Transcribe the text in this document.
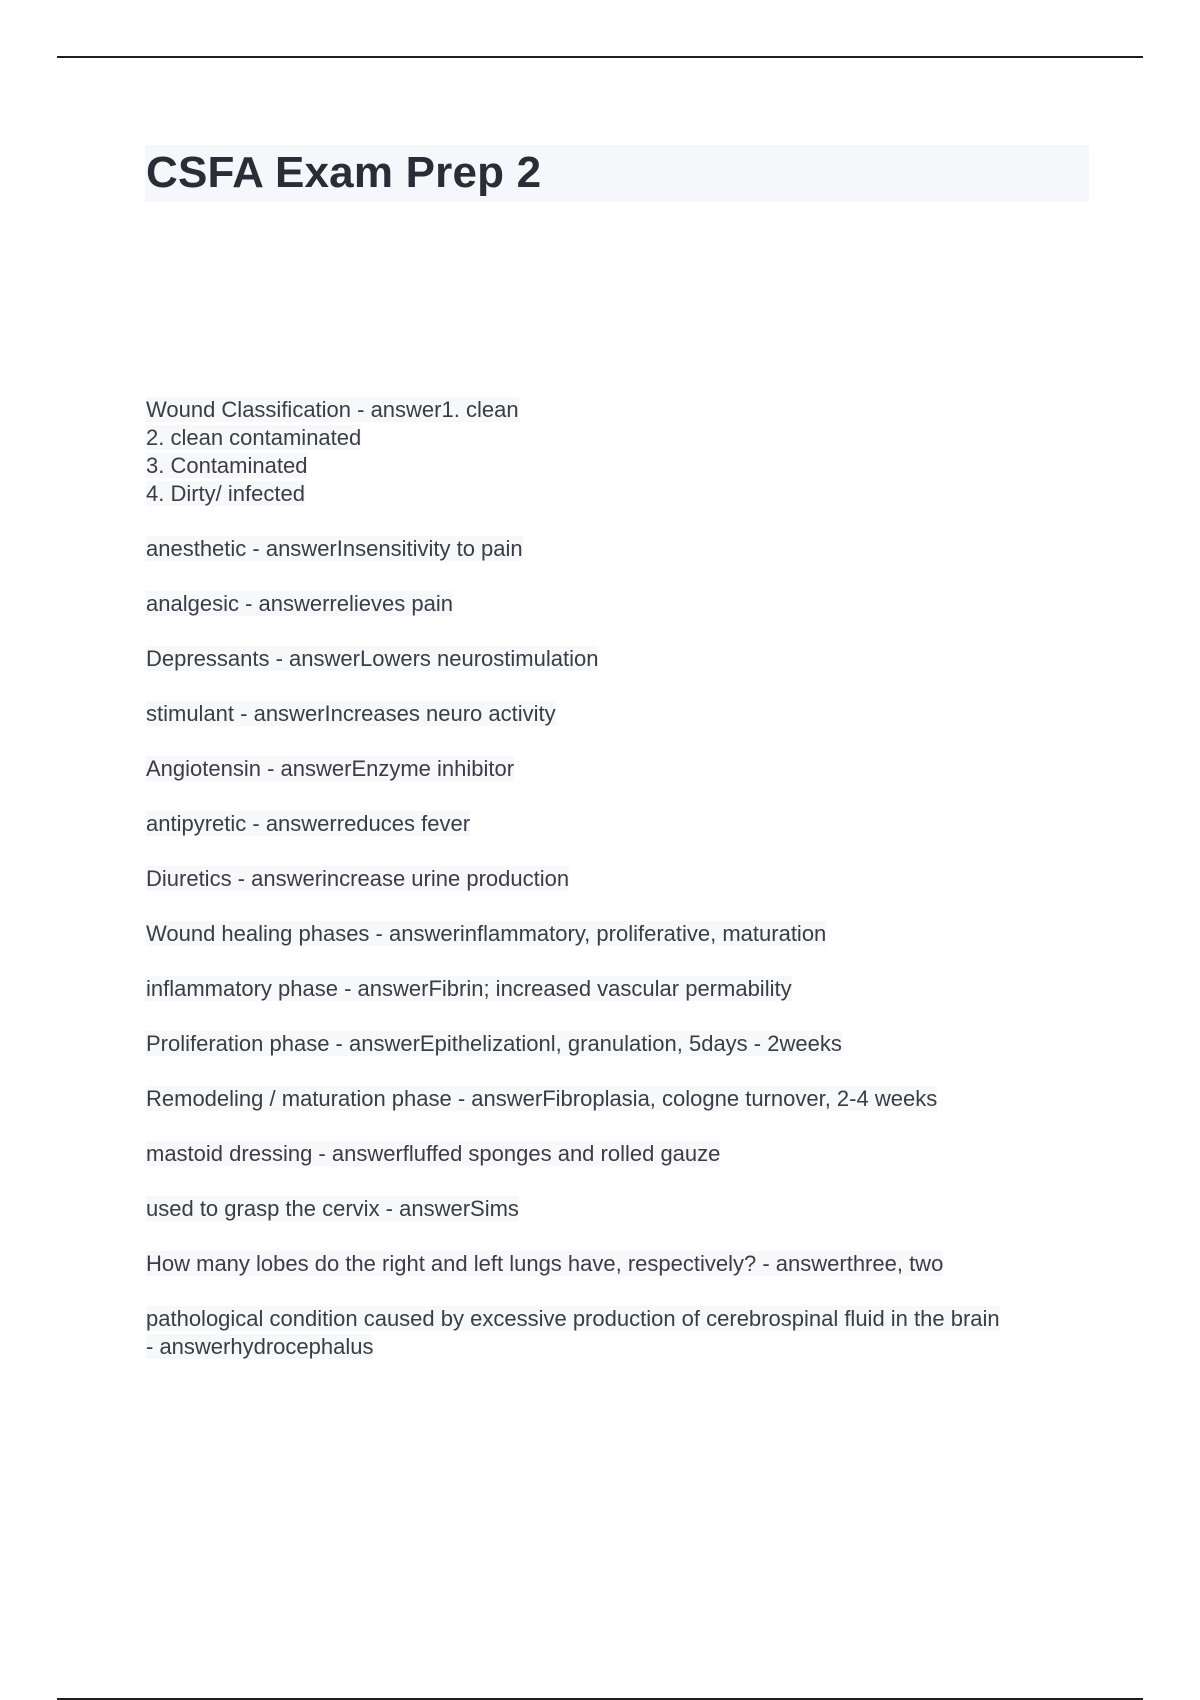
CSFA Exam Prep 2
Wound Classification - answer1. clean
2. clean contaminated
3. Contaminated
4. Dirty/ infected
anesthetic - answerInsensitivity to pain
analgesic - answerrelieves pain
Depressants - answerLowers neurostimulation
stimulant - answerIncreases neuro activity
Angiotensin - answerEnzyme inhibitor
antipyretic - answerreduces fever
Diuretics - answerincrease urine production
Wound healing phases - answerinflammatory, proliferative, maturation
inflammatory phase - answerFibrin; increased vascular permability
Proliferation phase - answerEpithelizationl, granulation, 5days - 2weeks
Remodeling / maturation phase - answerFibroplasia, cologne turnover, 2-4 weeks
mastoid dressing - answerfluffed sponges and rolled gauze
used to grasp the cervix - answerSims
How many lobes do the right and left lungs have, respectively? - answerthree, two
pathological condition caused by excessive production of cerebrospinal fluid in the brain
- answerhydrocephalus
